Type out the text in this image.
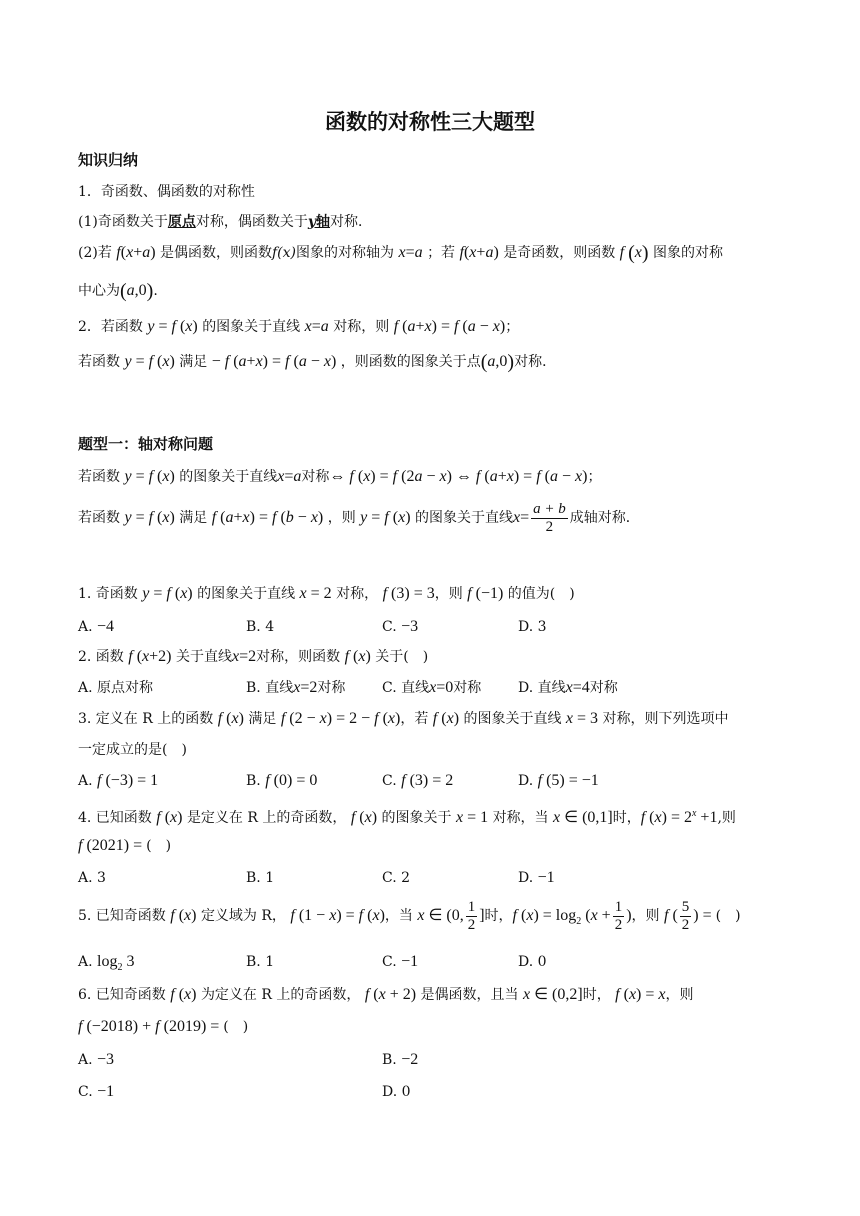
函数的对称性三大题型
知识归纳
1．奇函数、偶函数的对称性
(1)奇函数关于原点对称，偶函数关于y轴对称．
(2)若 f(x+a) 是偶函数，则函数f(x)图象的对称轴为 x=a ；若 f(x+a) 是奇函数，则函数 f (x) 图象的对称
中心为(a,0).
2．若函数 y = f (x) 的图象关于直线 x=a 对称，则 f (a+x) = f (a − x)；
若函数 y = f (x) 满足 − f (a+x) = f (a − x) ，则函数的图象关于点(a,0)对称．
题型一：轴对称问题
若函数 y = f (x) 的图象关于直线x=a对称⇔ f (x) = f (2a − x) ⇔ f (a+x) = f (a − x)；
若函数 y = f (x) 满足 f (a+x) = f (b − x) ，则 y = f (x) 的图象关于直线$x= \frac{a + b}{2}$ 成轴对称．
1. 奇函数 y = f (x) 的图象关于直线 x = 2 对称， f (3) = 3，则 f (−1) 的值为(　)
A. −4	B. 4	C. −3	D. 3
2. 函数 f (x+2) 关于直线x=2对称，则函数 f (x) 关于(　)
A. 原点对称	B. 直线x=2对称	C. 直线x=0对称	D. 直线x=4对称
3. 定义在 R 上的函数 f (x) 满足 f (2 − x) = 2 − f (x)，若 f (x) 的图象关于直线 x = 3 对称，则下列选项中
一定成立的是(　)
A. f (−3) = 1	B. f (0) = 0	C. f (3) = 2	D. f (5) = −1
4. 已知函数 f (x) 是定义在 R 上的奇函数， f (x) 的图象关于 x = 1 对称，当 x ∈ (0,1]时，f $(x) = 2^x +1$,则
f (2021) = (　)
A. 3	B. 1	C. 2	D. −1
5. 已知奇函数 f (x) 定义域为 R， f (1 − x) = f (x)，当 x ∈ (0, $\frac{1}{2}$ ]时，f $(x) = \log_2 (x + \frac{1}{2}$ )，则 f ( $\frac{5}{2}$ ) = (　)
A. $\log_2 3$	B. 1	C. −1	D. 0
6. 已知奇函数 f (x) 为定义在 R 上的奇函数， f (x + 2) 是偶函数，且当 x ∈ (0,2]时， f (x) = x，则
f (−2018) + f (2019) = (　)
A. −3	B. −2
C. −1	D. 0
